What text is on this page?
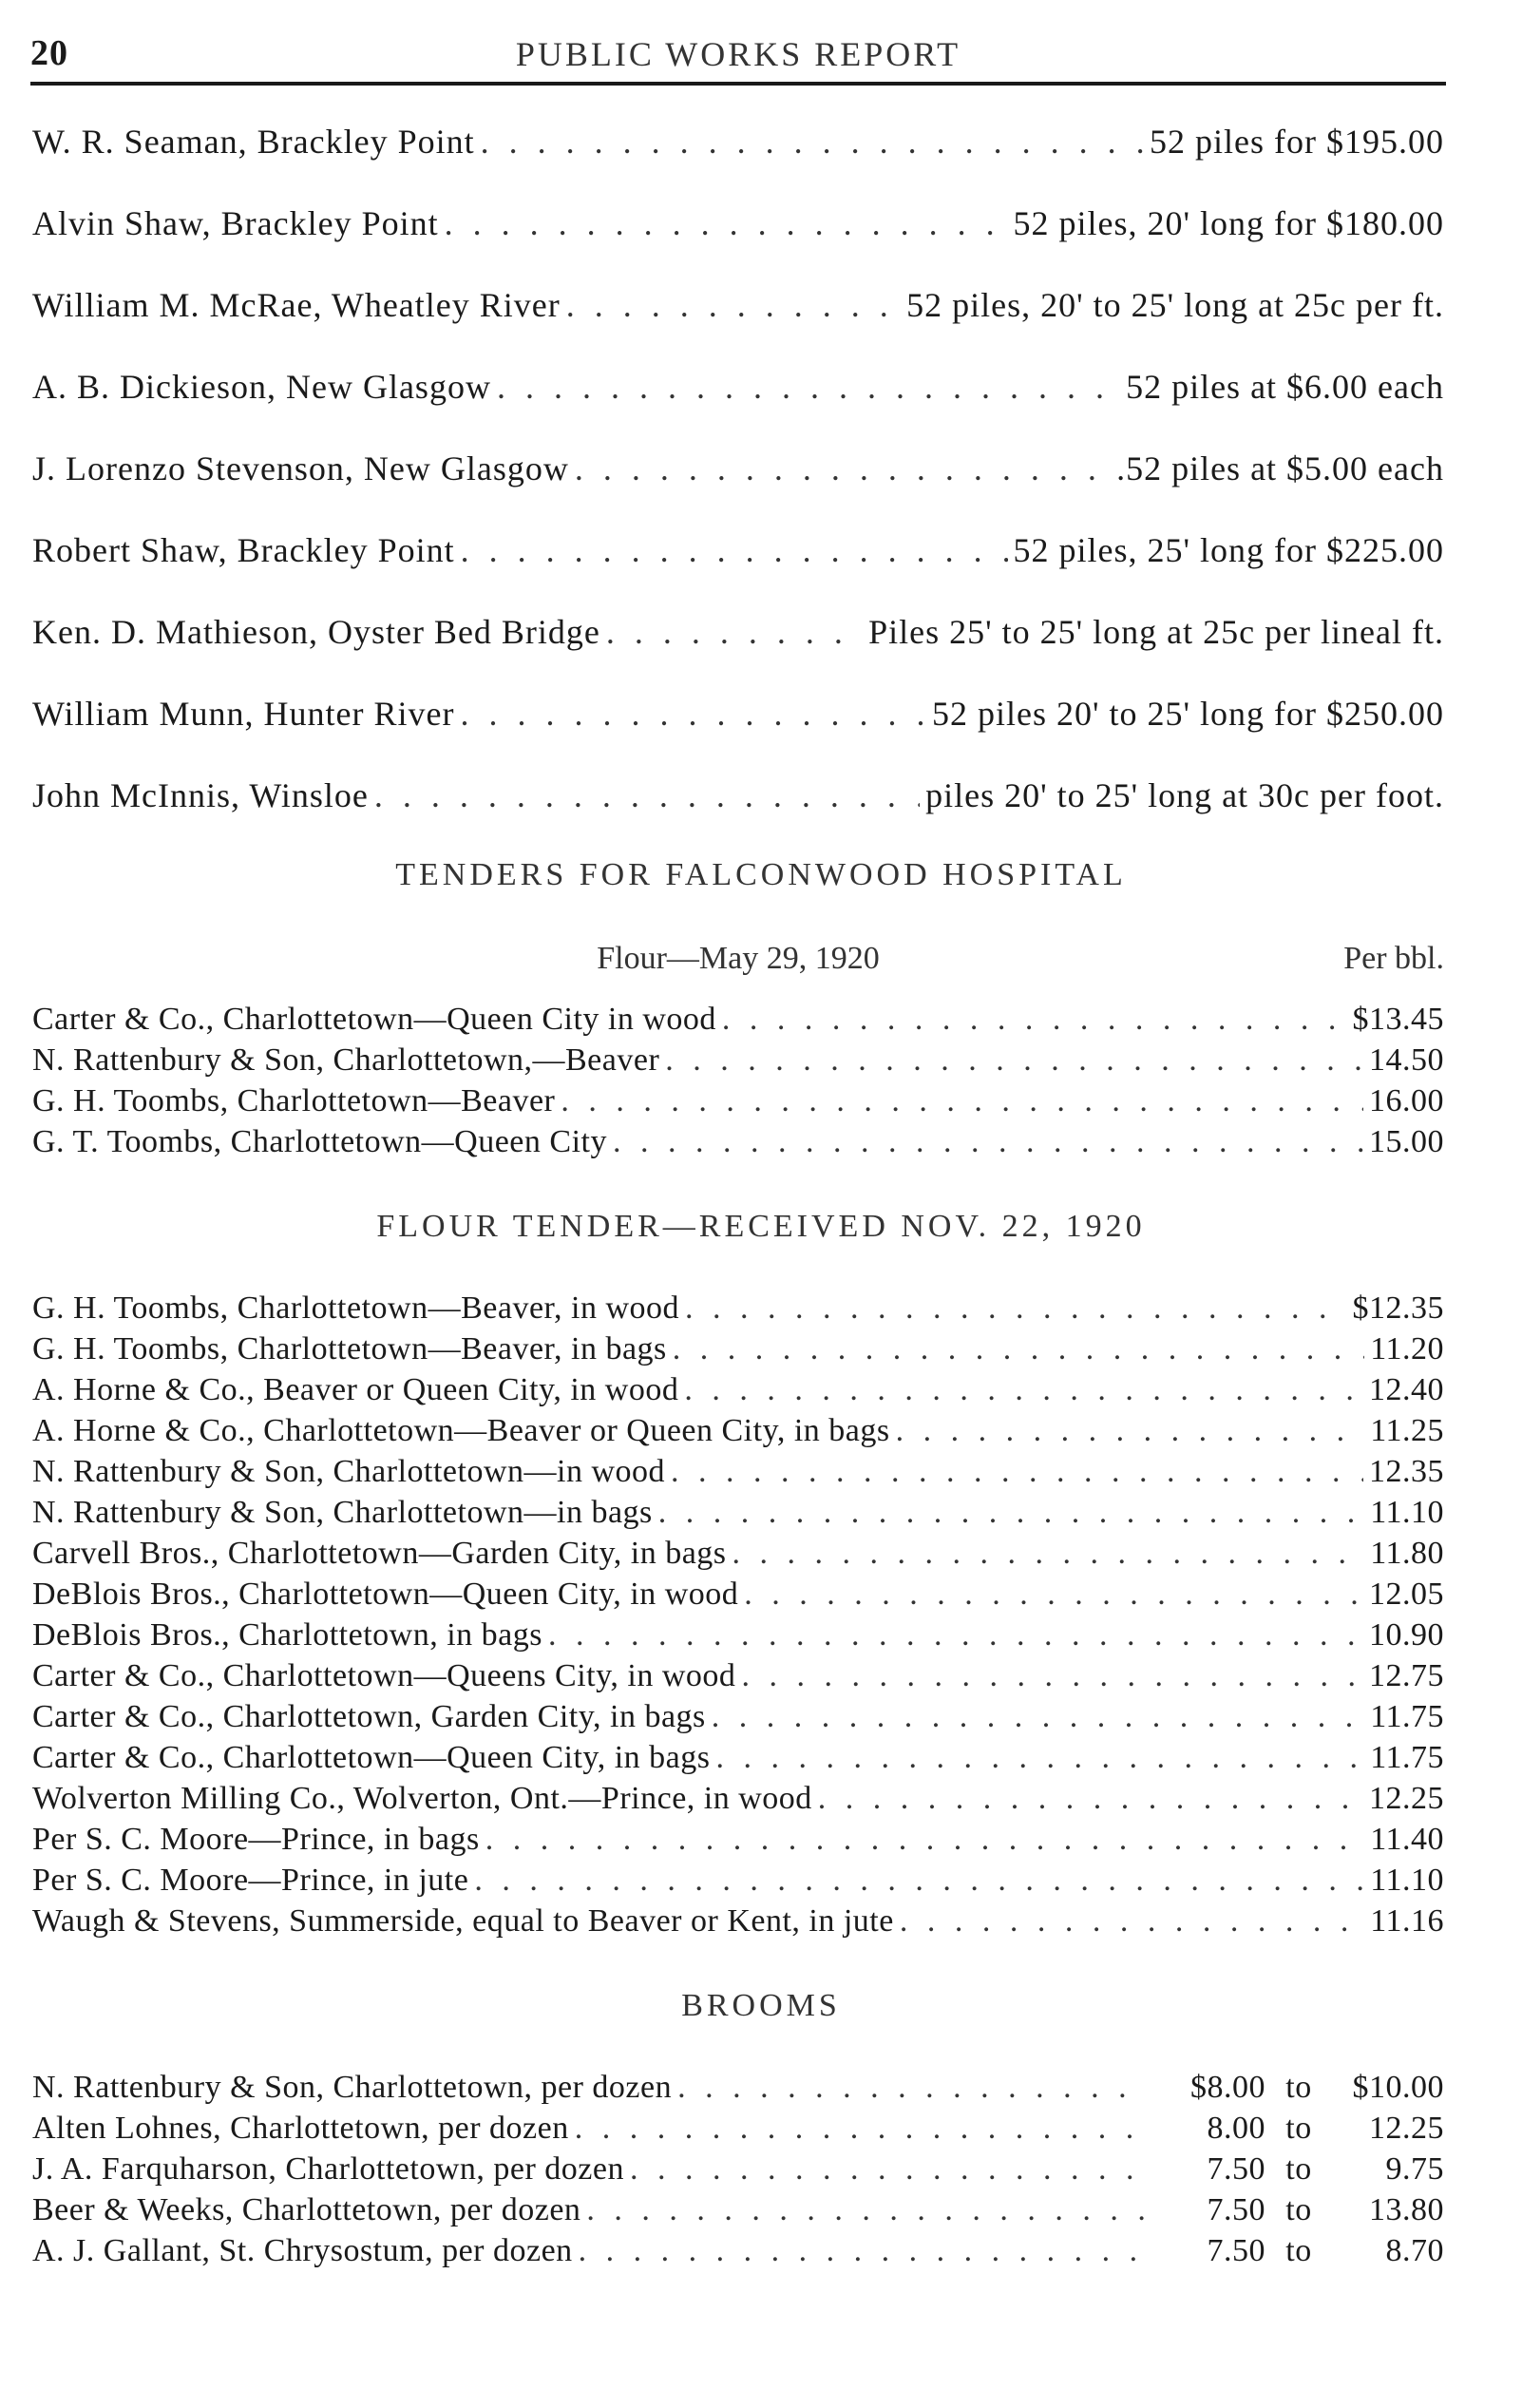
20	PUBLIC WORKS REPORT
W. R. Seaman, Brackley Point . . .	52 piles for $195.00
Alvin Shaw, Brackley Point . . .	52 piles, 20' long for $180.00
William M. McRae, Wheatley River . . .	52 piles, 20' to 25' long at 25c per ft.
A. B. Dickieson, New Glasgow . . .	52 piles at $6.00 each
J. Lorenzo Stevenson, New Glasgow . . .	.52 piles at $5.00 each
Robert Shaw, Brackley Point . . .	52 piles, 25' long for $225.00
Ken. D. Mathieson, Oyster Bed Bridge . . .	Piles 25' to 25' long at 25c per lineal ft.
William Munn, Hunter River . . .	52 piles 20' to 25' long for $250.00
John McInnis, Winsloe . . .	piles 20' to 25' long at 30c per foot.
TENDERS FOR FALCONWOOD HOSPITAL
Flour—May 29, 1920	Per bbl.
Carter & Co., Charlottetown—Queen City in wood . . .	$13.45
N. Rattenbury & Son, Charlottetown,—Beaver . . .	14.50
G. H. Toombs, Charlottetown—Beaver . . .	16.00
G. T. Toombs, Charlottetown—Queen City . . .	15.00
FLOUR TENDER—RECEIVED NOV. 22, 1920
G. H. Toombs, Charlottetown—Beaver, in wood . . .	$12.35
G. H. Toombs, Charlottetown—Beaver, in bags . . .	11.20
A. Horne & Co., Beaver or Queen City, in wood . . .	12.40
A. Horne & Co., Charlottetown—Beaver or Queen City, in bags . . .	11.25
N. Rattenbury & Son, Charlottetown—in wood . . .	12.35
N. Rattenbury & Son, Charlottetown—in bags . . .	11.10
Carvell Bros., Charlottetown—Garden City, in bags . . .	11.80
DeBlois Bros., Charlottetown—Queen City, in wood . . .	12.05
DeBlois Bros., Charlottetown, in bags . . .	10.90
Carter & Co., Charlottetown—Queens City, in wood . . .	12.75
Carter & Co., Charlottetown, Garden City, in bags . . .	11.75
Carter & Co., Charlottetown—Queen City, in bags . . .	11.75
Wolverton Milling Co., Wolverton, Ont.—Prince, in wood . . .	12.25
Per S. C. Moore—Prince, in bags . . .	11.40
Per S. C. Moore—Prince, in jute . . .	11.10
Waugh & Stevens, Summerside, equal to Beaver or Kent, in jute . . .	11.16
BROOMS
N. Rattenbury & Son, Charlottetown, per dozen . . .	$8.00 to	$10.00
Alten Lohnes, Charlottetown, per dozen . . .	8.00 to	12.25
J. A. Farquharson, Charlottetown, per dozen . . .	7.50 to	9.75
Beer & Weeks, Charlottetown, per dozen . . .	7.50 to	13.80
A. J. Gallant, St. Chrysostum, per dozen . . .	7.50 to	8.70
